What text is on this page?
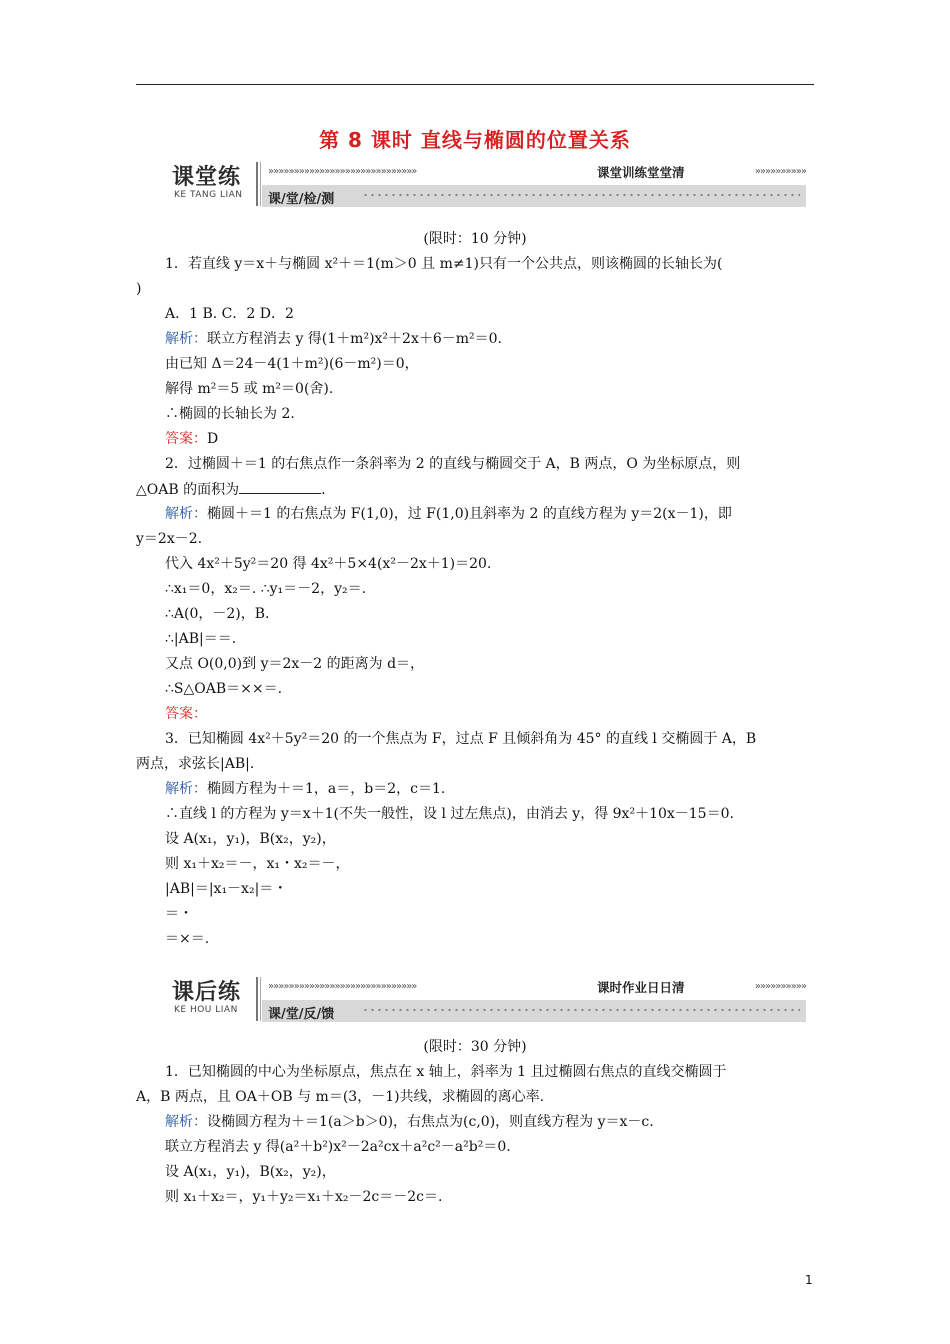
第 8 课时 直线与椭圆的位置关系
课堂练
KE TANG LIAN
»»»»»»»»»»»»»»»»»»»»»»»»»»»»»	»»»»»»»»»»
课堂训练堂堂清
课/堂/检/测
(限时：10 分钟)
1．若直线 y＝x＋与椭圆 x²＋＝1(m＞0 且 m≠1)只有一个公共点，则该椭圆的长轴长为(
)
A．1 B. C．2 D．2
解析：联立方程消去 y 得(1＋m²)x²＋2x＋6－m²＝0.
由已知 Δ＝24－4(1＋m²)(6－m²)＝0，
解得 m²＝5 或 m²＝0(舍).
∴椭圆的长轴长为 2.
答案：D
2．过椭圆＋＝1 的右焦点作一条斜率为 2 的直线与椭圆交于 A，B 两点，O 为坐标原点，则
△OAB 的面积为	.
解析：椭圆＋＝1 的右焦点为 F(1,0)，过 F(1,0)且斜率为 2 的直线方程为 y＝2(x－1)，即
y＝2x－2.
代入 4x²＋5y²＝20 得 4x²＋5×4(x²－2x＋1)＝20.
∴x₁＝0，x₂＝. ∴y₁＝－2，y₂＝.
∴A(0，－2)，B.
∴|AB|＝＝.
又点 O(0,0)到 y＝2x－2 的距离为 d＝，
∴S△OAB＝××＝.
答案：
3．已知椭圆 4x²＋5y²＝20 的一个焦点为 F，过点 F 且倾斜角为 45° 的直线 l 交椭圆于 A，B
两点，求弦长|AB|.
解析：椭圆方程为＋＝1，a＝，b＝2，c＝1.
∴直线 l 的方程为 y＝x＋1(不失一般性，设 l 过左焦点)，由消去 y，得 9x²＋10x－15＝0.
设 A(x₁，y₁)，B(x₂，y₂)，
则 x₁＋x₂＝－，x₁・x₂＝－，
|AB|＝|x₁－x₂|＝・
＝・
＝×＝.
课后练
KE HOU LIAN
»»»»»»»»»»»»»»»»»»»»»»»»»»»»»	»»»»»»»»»»
课时作业日日清
课/堂/反/馈
(限时：30 分钟)
1．已知椭圆的中心为坐标原点，焦点在 x 轴上，斜率为 1 且过椭圆右焦点的直线交椭圆于
A，B 两点，且 OA＋OB 与 m＝(3，－1)共线，求椭圆的离心率.
解析：设椭圆方程为＋＝1(a＞b＞0)，右焦点为(c,0)，则直线方程为 y＝x－c.
联立方程消去 y 得(a²＋b²)x²－2a²cx＋a²c²－a²b²＝0.
设 A(x₁，y₁)，B(x₂，y₂)，
则 x₁＋x₂＝，y₁＋y₂＝x₁＋x₂－2c＝－2c＝.
1
